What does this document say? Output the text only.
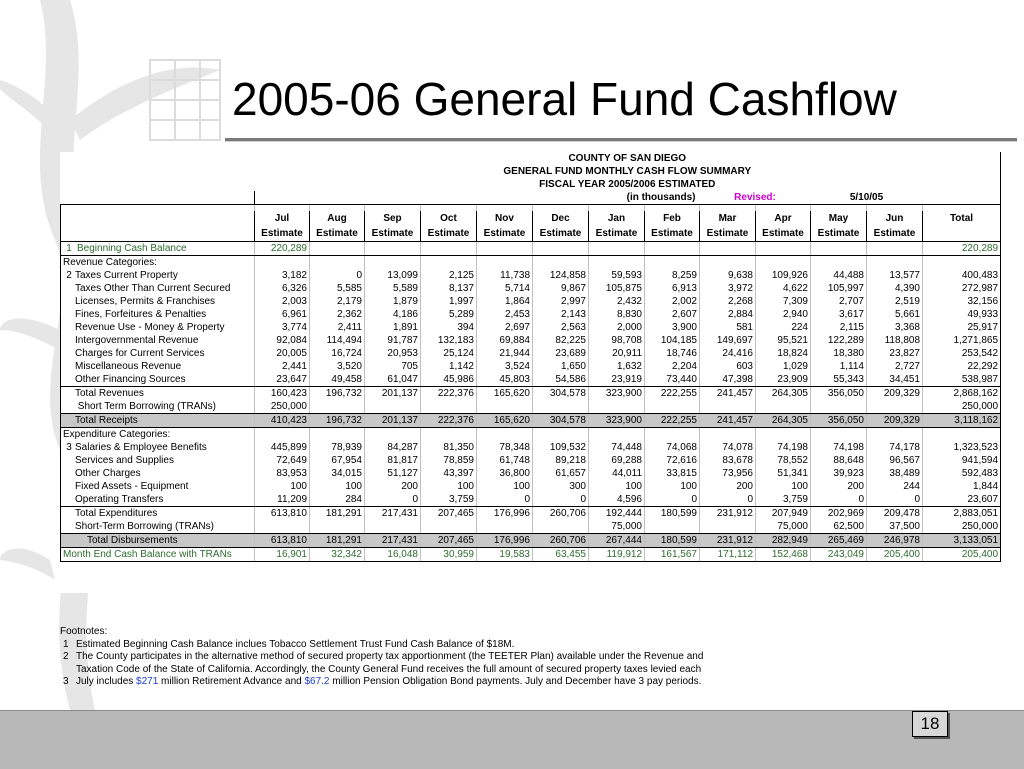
2005-06 General Fund Cashflow
	COUNTY OF SAN DIEGO												
	GENERAL FUND MONTHLY CASH FLOW SUMMARY												
	FISCAL YEAR 2005/2006 ESTIMATED												
	(in thousands)								Revised:		5/10/05		

	Jul	Aug	Sep	Oct	Nov	Dec	Jan	Feb	Mar	Apr	May	Jun	Total
	Estimate	Estimate	Estimate	Estimate	Estimate	Estimate	Estimate	Estimate	Estimate	Estimate	Estimate	Estimate	
1 Beginning Cash Balance	220,289												220,289
Revenue Categories:													
2 Taxes Current Property	3,182	0	13,099	2,125	11,738	124,858	59,593	8,259	9,638	109,926	44,488	13,577	400,483
Taxes Other Than Current Secured	6,326	5,585	5,589	8,137	5,714	9,867	105,875	6,913	3,972	4,622	105,997	4,390	272,987
Licenses, Permits & Franchises	2,003	2,179	1,879	1,997	1,864	2,997	2,432	2,002	2,268	7,309	2,707	2,519	32,156
Fines, Forfeitures & Penalties	6,961	2,362	4,186	5,289	2,453	2,143	8,830	2,607	2,884	2,940	3,617	5,661	49,933
Revenue Use - Money & Property	3,774	2,411	1,891	394	2,697	2,563	2,000	3,900	581	224	2,115	3,368	25,917
Intergovernmental Revenue	92,084	114,494	91,787	132,183	69,884	82,225	98,708	104,185	149,697	95,521	122,289	118,808	1,271,865
Charges for Current Services	20,005	16,724	20,953	25,124	21,944	23,689	20,911	18,746	24,416	18,824	18,380	23,827	253,542
Miscellaneous Revenue	2,441	3,520	705	1,142	3,524	1,650	1,632	2,204	603	1,029	1,114	2,727	22,292
Other Financing Sources	23,647	49,458	61,047	45,986	45,803	54,586	23,919	73,440	47,398	23,909	55,343	34,451	538,987
Total Revenues	160,423	196,732	201,137	222,376	165,620	304,578	323,900	222,255	241,457	264,305	356,050	209,329	2,868,162
Short Term Borrowing (TRANs)	250,000												250,000
Total Receipts	410,423	196,732	201,137	222,376	165,620	304,578	323,900	222,255	241,457	264,305	356,050	209,329	3,118,162
Expenditure Categories:													
3 Salaries & Employee Benefits	445,899	78,939	84,287	81,350	78,348	109,532	74,448	74,068	74,078	74,198	74,198	74,178	1,323,523
Services and Supplies	72,649	67,954	81,817	78,859	61,748	89,218	69,288	72,616	83,678	78,552	88,648	96,567	941,594
Other Charges	83,953	34,015	51,127	43,397	36,800	61,657	44,011	33,815	73,956	51,341	39,923	38,489	592,483
Fixed Assets - Equipment	100	100	200	100	100	300	100	100	200	100	200	244	1,844
Operating Transfers	11,209	284	0	3,759	0	0	4,596	0	0	3,759	0	0	23,607
Total Expenditures	613,810	181,291	217,431	207,465	176,996	260,706	192,444	180,599	231,912	207,949	202,969	209,478	2,883,051
Short-Term Borrowing (TRANs)							75,000			75,000	62,500	37,500	250,000
Total Disbursements	613,810	181,291	217,431	207,465	176,996	260,706	267,444	180,599	231,912	282,949	265,469	246,978	3,133,051
Month End Cash Balance with TRANs	16,901	32,342	16,048	30,959	19,583	63,455	119,912	161,567	171,112	152,468	243,049	205,400	205,400
Footnotes:
1 Estimated Beginning Cash Balance inclues Tobacco Settlement Trust Fund Cash Balance of $18M.
2 The County participates in the alternative method of secured property tax apportionment (the TEETER Plan) available under the Revenue and
Taxation Code of the State of California. Accordingly, the County General Fund receives the full amount of secured property taxes levied each
3 July includes $271 million Retirement Advance and $67.2 million Pension Obligation Bond payments. July and December have 3 pay periods.
18
